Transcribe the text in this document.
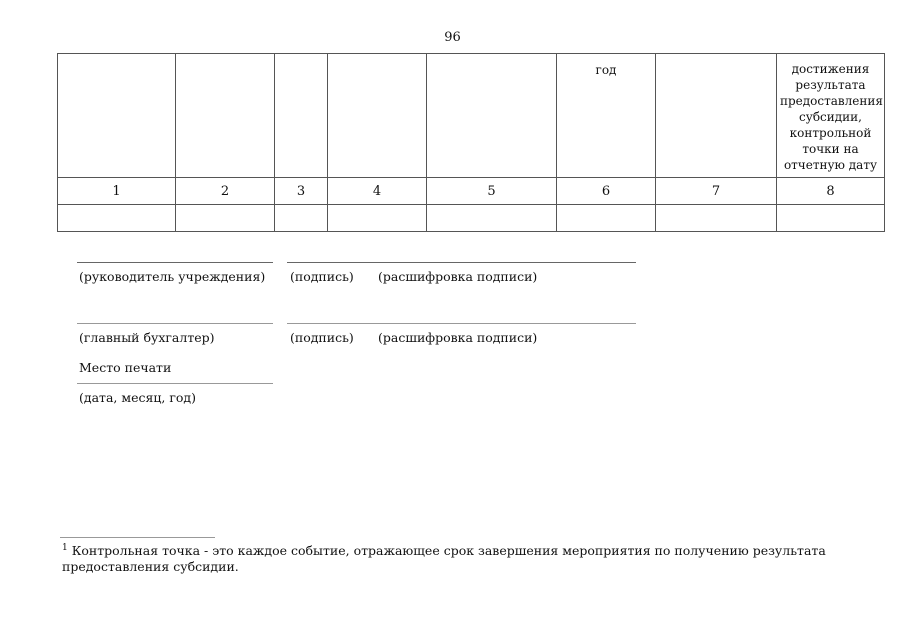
96

					год		достижения результата предоставления субсидии, контрольной точки на отчетную дату

1	2	3	4	5	6	7	8

(руководитель учреждения) (подпись) (расшифровка подписи)
(главный бухгалтер)	(подпись) (расшифровка подписи)
Место печати
(дата, месяц, год)
$^1$ Контрольная точка - это каждое событие, отражающее срок завершения мероприятия по получению результата предоставления субсидии.
